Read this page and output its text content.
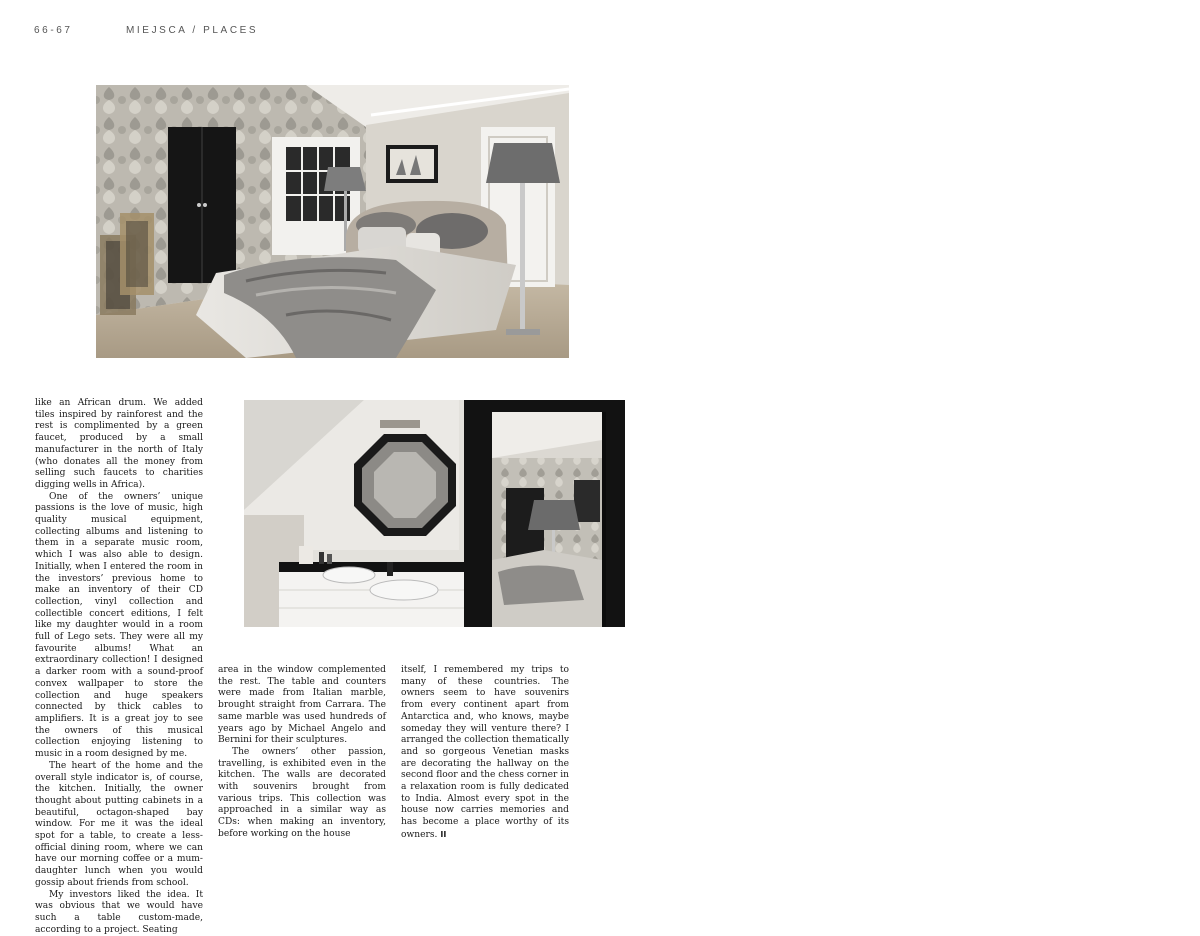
66-67	MIEJSCA / PLACES

like an African drum. We added tiles inspired by rainforest and the rest is complimented by a green faucet, produced by a small manufacturer in the north of Italy (who donates all the money from selling such faucets to charities digging wells in Africa).

One of the owners’ unique passions is the love of music, high quality musical equipment, collecting albums and listening to them in a separate music room, which I was also able to design. Initially, when I entered the room in the investors’ previous home to make an inventory of their CD collection, vinyl collection and collectible concert editions, I felt like my daughter would in a room full of Lego sets. They were all my favourite albums! What an extraordinary collection! I designed a darker room with a sound-proof convex wallpaper to store the collection and huge speakers connected by thick cables to amplifiers. It is a great joy to see the owners of this musical collection enjoying listening to music in a room designed by me.

The heart of the home and the overall style indicator is, of course, the kitchen. Initially, the owner thought about putting cabinets in a beautiful, octagon-shaped bay window. For me it was the ideal spot for a table, to create a less-official dining room, where we can have our morning coffee or a mum-daughter lunch when you would gossip about friends from school.

My investors liked the idea. It was obvious that we would have such a table custom-made, according to a project. Seating

area in the window complemented the rest. The table and counters were made from Italian marble, brought straight from Carrara. The same marble was used hundreds of years ago by Michael Angelo and Bernini for their sculptures.

The owners’ other passion, travelling, is exhibited even in the kitchen. The walls are decorated with souvenirs brought from various trips. This collection was approached in a similar way as CDs: when making an inventory, before working on the house

itself, I remembered my trips to many of these countries. The owners seem to have souvenirs from every continent apart from Antarctica and, who knows, maybe someday they will venture there? I arranged the collection thematically and so gorgeous Venetian masks are decorating the hallway on the second floor and the chess corner in a relaxation room is fully dedicated to India. Almost every spot in the house now carries memories and has become a place worthy of its owners. II
